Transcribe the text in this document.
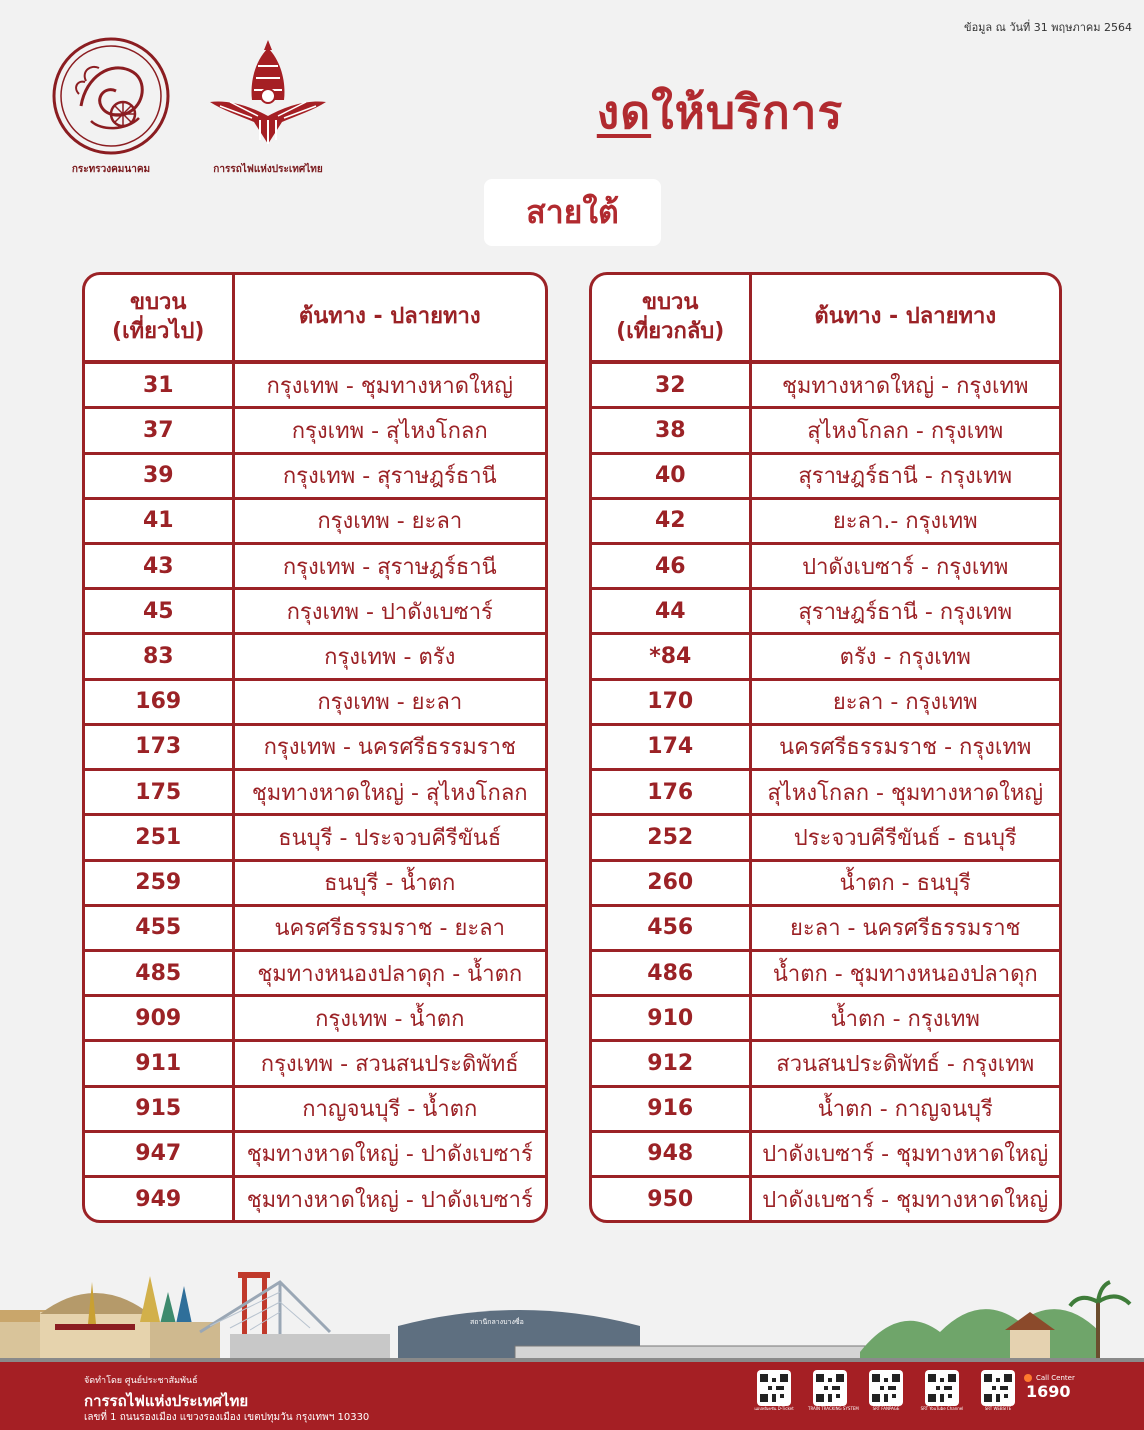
ข้อมูล ณ วันที่ 31 พฤษภาคม 2564
กระทรวงคมนาคม	การรถไฟแห่งประเทศไทย
งดให้บริการ
สายใต้
ขบวน
(เที่ยวไป)	ต้นทาง - ปลายทาง
31	กรุงเทพ - ชุมทางหาดใหญ่
37	กรุงเทพ - สุไหงโกลก
39	กรุงเทพ - สุราษฎร์ธานี
41	กรุงเทพ - ยะลา
43	กรุงเทพ - สุราษฎร์ธานี
45	กรุงเทพ - ปาดังเบซาร์
83	กรุงเทพ - ตรัง
169	กรุงเทพ - ยะลา
173	กรุงเทพ - นครศรีธรรมราช
175	ชุมทางหาดใหญ่ - สุไหงโกลก
251	ธนบุรี - ประจวบคีรีขันธ์
259	ธนบุรี - น้ำตก
455	นครศรีธรรมราช - ยะลา
485	ชุมทางหนองปลาดุก - น้ำตก
909	กรุงเทพ - น้ำตก
911	กรุงเทพ - สวนสนประดิพัทธ์
915	กาญจนบุรี - น้ำตก
947	ชุมทางหาดใหญ่ - ปาดังเบซาร์
949	ชุมทางหาดใหญ่ - ปาดังเบซาร์
ขบวน
(เที่ยวกลับ)	ต้นทาง - ปลายทาง
32	ชุมทางหาดใหญ่ - กรุงเทพ
38	สุไหงโกลก - กรุงเทพ
40	สุราษฎร์ธานี - กรุงเทพ
42	ยะลา.- กรุงเทพ
46	ปาดังเบซาร์ - กรุงเทพ
44	สุราษฎร์ธานี - กรุงเทพ
*84	ตรัง - กรุงเทพ
170	ยะลา - กรุงเทพ
174	นครศรีธรรมราช - กรุงเทพ
176	สุไหงโกลก - ชุมทางหาดใหญ่
252	ประจวบคีรีขันธ์ - ธนบุรี
260	น้ำตก - ธนบุรี
456	ยะลา - นครศรีธรรมราช
486	น้ำตก - ชุมทางหนองปลาดุก
910	น้ำตก - กรุงเทพ
912	สวนสนประดิพัทธ์ - กรุงเทพ
916	น้ำตก - กาญจนบุรี
948	ปาดังเบซาร์ - ชุมทางหาดใหญ่
950	ปาดังเบซาร์ - ชุมทางหาดใหญ่
สถานีกลางบางซื่อ
จัดทำโดย ศูนย์ประชาสัมพันธ์
การรถไฟแห่งประเทศไทย
เลขที่ 1 ถนนรองเมือง แขวงรองเมือง เขตปทุมวัน กรุงเทพฯ 10330
แอปพลิเคชัน D-Ticket	TRAIN TRACKING SYSTEM	SRT FANPAGE	SRT YouTube Channel	SRT WEBSITE
Call Center
1690
